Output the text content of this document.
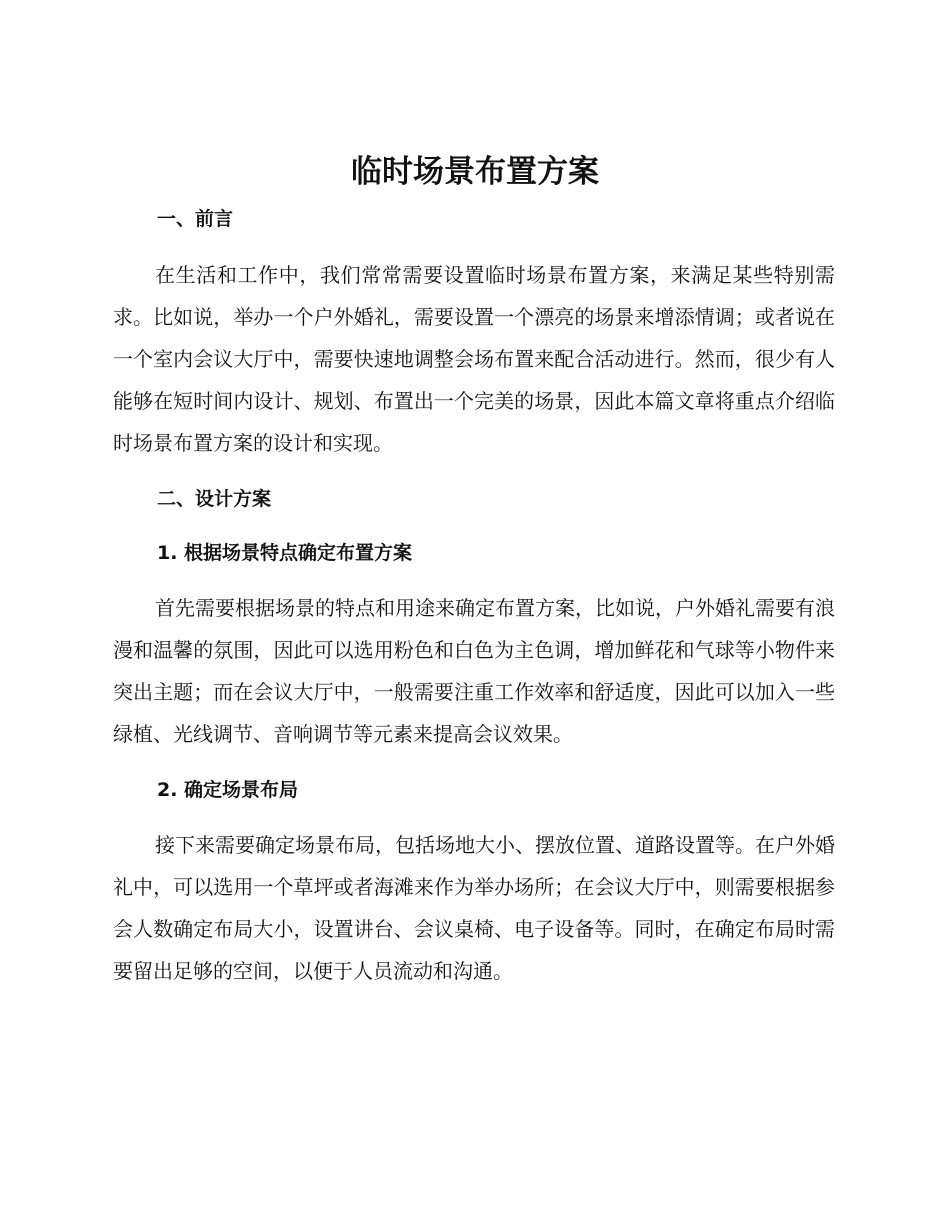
临时场景布置方案
一、前言

在生活和工作中，我们常常需要设置临时场景布置方案，来满足某些特别需求。比如说，举办一个户外婚礼，需要设置一个漂亮的场景来增添情调；或者说在一个室内会议大厅中，需要快速地调整会场布置来配合活动进行。然而，很少有人能够在短时间内设计、规划、布置出一个完美的场景，因此本篇文章将重点介绍临时场景布置方案的设计和实现。

二、设计方案
1. 根据场景特点确定布置方案

首先需要根据场景的特点和用途来确定布置方案，比如说，户外婚礼需要有浪漫和温馨的氛围，因此可以选用粉色和白色为主色调，增加鲜花和气球等小物件来突出主题；而在会议大厅中，一般需要注重工作效率和舒适度，因此可以加入一些绿植、光线调节、音响调节等元素来提高会议效果。

2. 确定场景布局

接下来需要确定场景布局，包括场地大小、摆放位置、道路设置等。在户外婚礼中，可以选用一个草坪或者海滩来作为举办场所；在会议大厅中，则需要根据参会人数确定布局大小，设置讲台、会议桌椅、电子设备等。同时，在确定布局时需要留出足够的空间，以便于人员流动和沟通。
